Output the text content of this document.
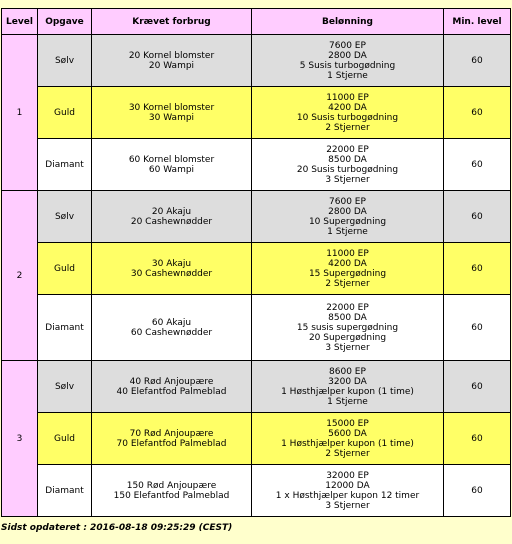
Level	Opgave	Krævet forbrug	Belønning	Min. level
1	Sølv	20 Kornel blomster
20 Wampi	7600 EP
2800 DA
5 Susis turbogødning
1 Stjerne	60
	Guld	30 Kornel blomster
30 Wampi	11000 EP
4200 DA
10 Susis turbogødning
2 Stjerner	60
	Diamant	60 Kornel blomster
60 Wampi	22000 EP
8500 DA
20 Susis turbogødning
3 Stjerner	60
2	Sølv	20 Akaju
20 Cashewnødder	7600 EP
2800 DA
10 Supergødning
1 Stjerne	60
	Guld	30 Akaju
30 Cashewnødder	11000 EP
4200 DA
15 Supergødning
2 Stjerner	60
	Diamant	60 Akaju
60 Cashewnødder	22000 EP
8500 DA
15 susis supergødning
20 Supergødning
3 Stjerner	60
3	Sølv	40 Rød Anjoupære
40 Elefantfod Palmeblad	8600 EP
3200 DA
1 Høsthjælper kupon (1 time)
1 Stjerne	60
	Guld	70 Rød Anjoupære
70 Elefantfod Palmeblad	15000 EP
5600 DA
1 Høsthjælper kupon (1 time)
2 Stjerner	60
	Diamant	150 Rød Anjoupære
150 Elefantfod Palmeblad	32000 EP
12000 DA
1 x Høsthjælper kupon 12 timer
3 Stjerner	60
Sidst opdateret : 2016-08-18 09:25:29 (CEST)
